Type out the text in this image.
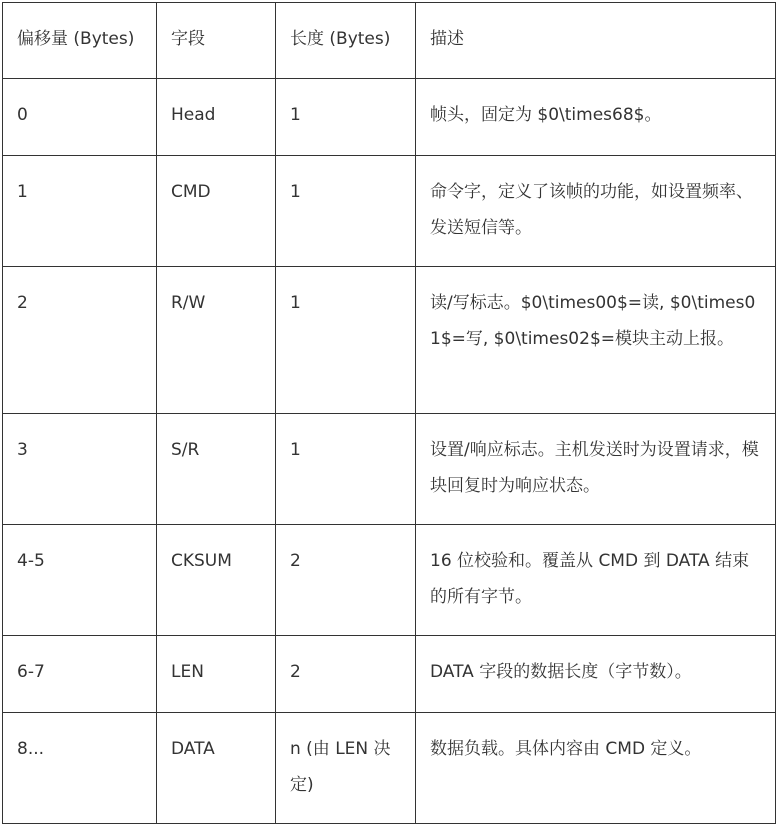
偏移量 (Bytes)	字段	长度 (Bytes)	描述
0	Head	1	帧头，固定为 $0\times68$。
1	CMD	1	命令字，定义了该帧的功能，如设置频率、发送短信等。
2	R/W	1	读/写标志。$0\times00$=读, $0\times01$=写, $0\times02$=模块主动上报。
3	S/R	1	设置/响应标志。主机发送时为设置请求，模块回复时为响应状态。
4-5	CKSUM	2	16 位校验和。覆盖从 CMD 到 DATA 结束的所有字节。
6-7	LEN	2	DATA 字段的数据长度（字节数）。
8...	DATA	n (由 LEN 决定)	数据负载。具体内容由 CMD 定义。
